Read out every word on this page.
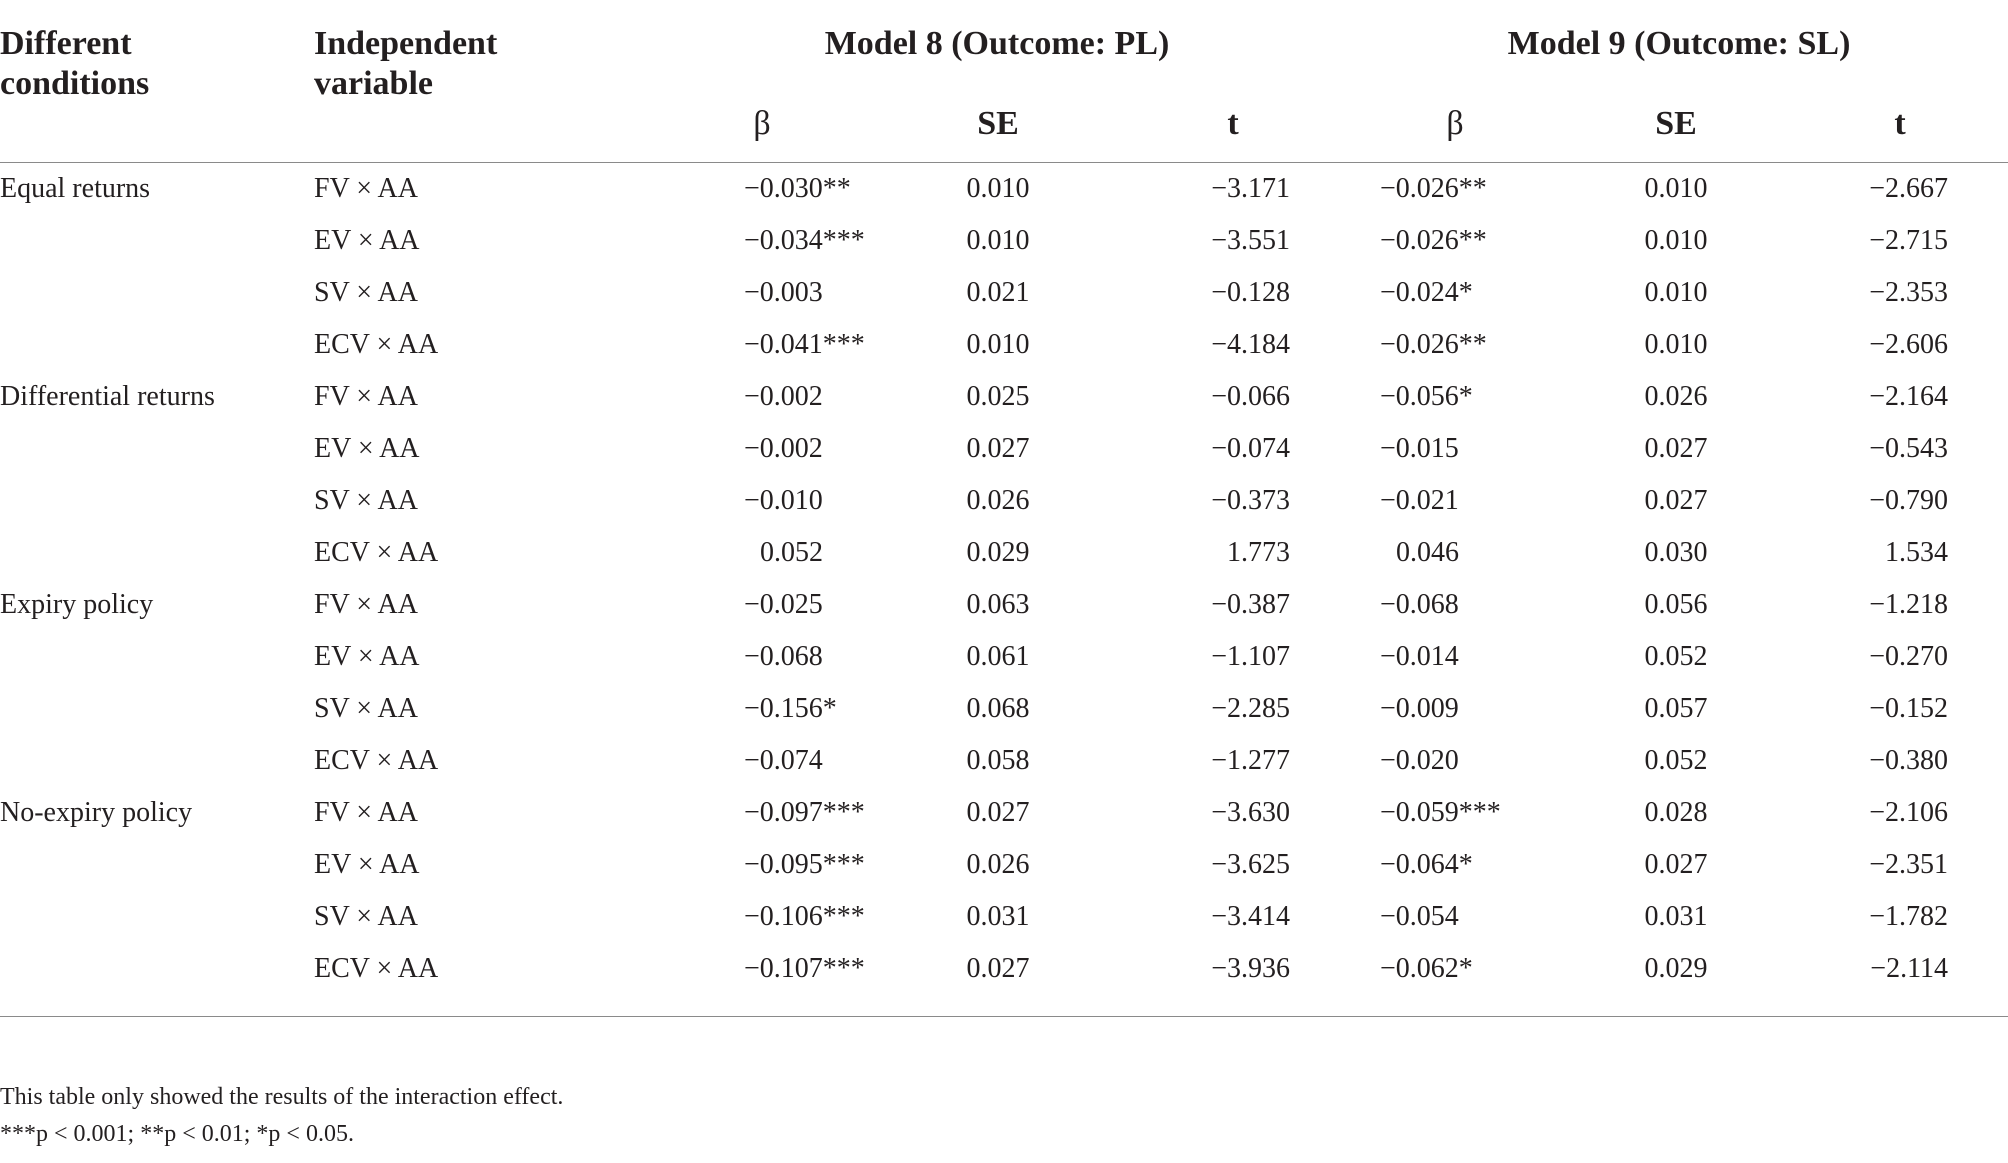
Different
conditions	Independent
variable	Model 8 (Outcome: PL)			Model 9 (Outcome: SL)		
		β	SE	t	β	SE	t
Equal returns	FV × AA	−0.030**	0.010	−3.171	−0.026**	0.010	−2.667
	EV × AA	−0.034***	0.010	−3.551	−0.026**	0.010	−2.715
	SV × AA	−0.003	0.021	−0.128	−0.024*	0.010	−2.353
	ECV × AA	−0.041***	0.010	−4.184	−0.026**	0.010	−2.606
Differential returns	FV × AA	−0.002	0.025	−0.066	−0.056*	0.026	−2.164
	EV × AA	−0.002	0.027	−0.074	−0.015	0.027	−0.543
	SV × AA	−0.010	0.026	−0.373	−0.021	0.027	−0.790
	ECV × AA	0.052	0.029	1.773	0.046	0.030	1.534
Expiry policy	FV × AA	−0.025	0.063	−0.387	−0.068	0.056	−1.218
	EV × AA	−0.068	0.061	−1.107	−0.014	0.052	−0.270
	SV × AA	−0.156*	0.068	−2.285	−0.009	0.057	−0.152
	ECV × AA	−0.074	0.058	−1.277	−0.020	0.052	−0.380
No-expiry policy	FV × AA	−0.097***	0.027	−3.630	−0.059***	0.028	−2.106
	EV × AA	−0.095***	0.026	−3.625	−0.064*	0.027	−2.351
	SV × AA	−0.106***	0.031	−3.414	−0.054	0.031	−1.782
	ECV × AA	−0.107***	0.027	−3.936	−0.062*	0.029	−2.114
This table only showed the results of the interaction effect.
***p < 0.001; **p < 0.01; *p < 0.05.
